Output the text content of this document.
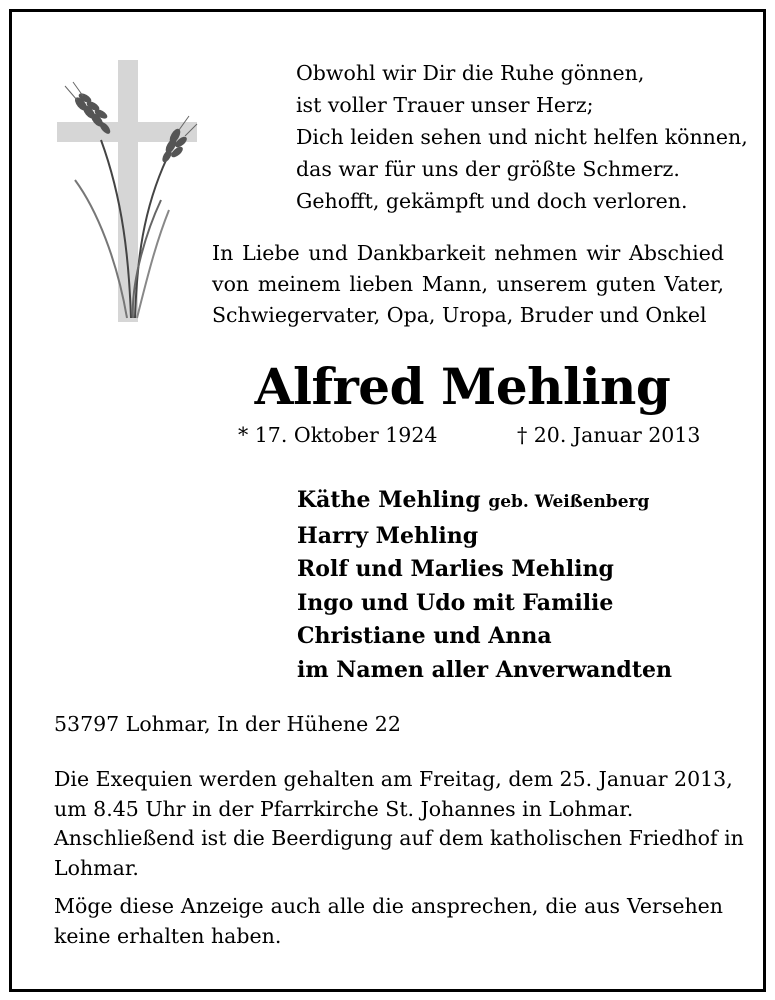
Obwohl wir Dir die Ruhe gönnen,
ist voller Trauer unser Herz;
Dich leiden sehen und nicht helfen können,
das war für uns der größte Schmerz.
Gehofft, gekämpft und doch verloren.
In Liebe und Dankbarkeit nehmen wir Abschied
von meinem lieben Mann, unserem guten Vater,
Schwiegervater, Opa, Uropa, Bruder und Onkel
Alfred Mehling
* 17. Oktober 1924	† 20. Januar 2013
Käthe Mehling geb. Weißenberg
Harry Mehling
Rolf und Marlies Mehling
Ingo und Udo mit Familie
Christiane und Anna
im Namen aller Anverwandten
53797 Lohmar, In der Hühene 22
Die Exequien werden gehalten am Freitag, dem 25. Januar 2013,
um 8.45 Uhr in der Pfarrkirche St. Johannes in Lohmar.
Anschließend ist die Beerdigung auf dem katholischen Friedhof in
Lohmar.
Möge diese Anzeige auch alle die ansprechen, die aus Versehen
keine erhalten haben.
